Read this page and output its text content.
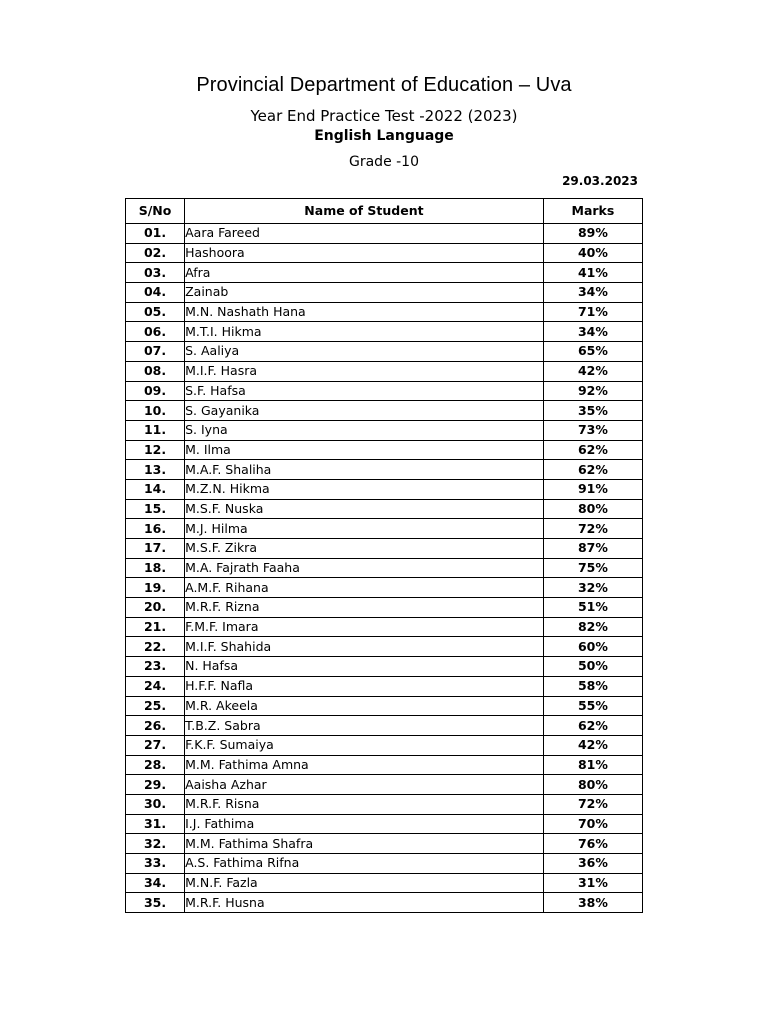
Provincial Department of Education – Uva
Year End Practice Test -2022 (2023)
English Language
Grade -10
29.03.2023
S/No	Name of Student	Marks
01.	Aara Fareed	89%
02.	Hashoora	40%
03.	Afra	41%
04.	Zainab	34%
05.	M.N. Nashath Hana	71%
06.	M.T.I. Hikma	34%
07.	S. Aaliya	65%
08.	M.I.F. Hasra	42%
09.	S.F. Hafsa	92%
10.	S. Gayanika	35%
11.	S. Iyna	73%
12.	M. Ilma	62%
13.	M.A.F. Shaliha	62%
14.	M.Z.N. Hikma	91%
15.	M.S.F. Nuska	80%
16.	M.J. Hilma	72%
17.	M.S.F. Zikra	87%
18.	M.A. Fajrath Faaha	75%
19.	A.M.F. Rihana	32%
20.	M.R.F. Rizna	51%
21.	F.M.F. Imara	82%
22.	M.I.F. Shahida	60%
23.	N. Hafsa	50%
24.	H.F.F. Nafla	58%
25.	M.R. Akeela	55%
26.	T.B.Z. Sabra	62%
27.	F.K.F. Sumaiya	42%
28.	M.M. Fathima Amna	81%
29.	Aaisha Azhar	80%
30.	M.R.F. Risna	72%
31.	I.J. Fathima	70%
32.	M.M. Fathima Shafra	76%
33.	A.S. Fathima Rifna	36%
34.	M.N.F. Fazla	31%
35.	M.R.F. Husna	38%
